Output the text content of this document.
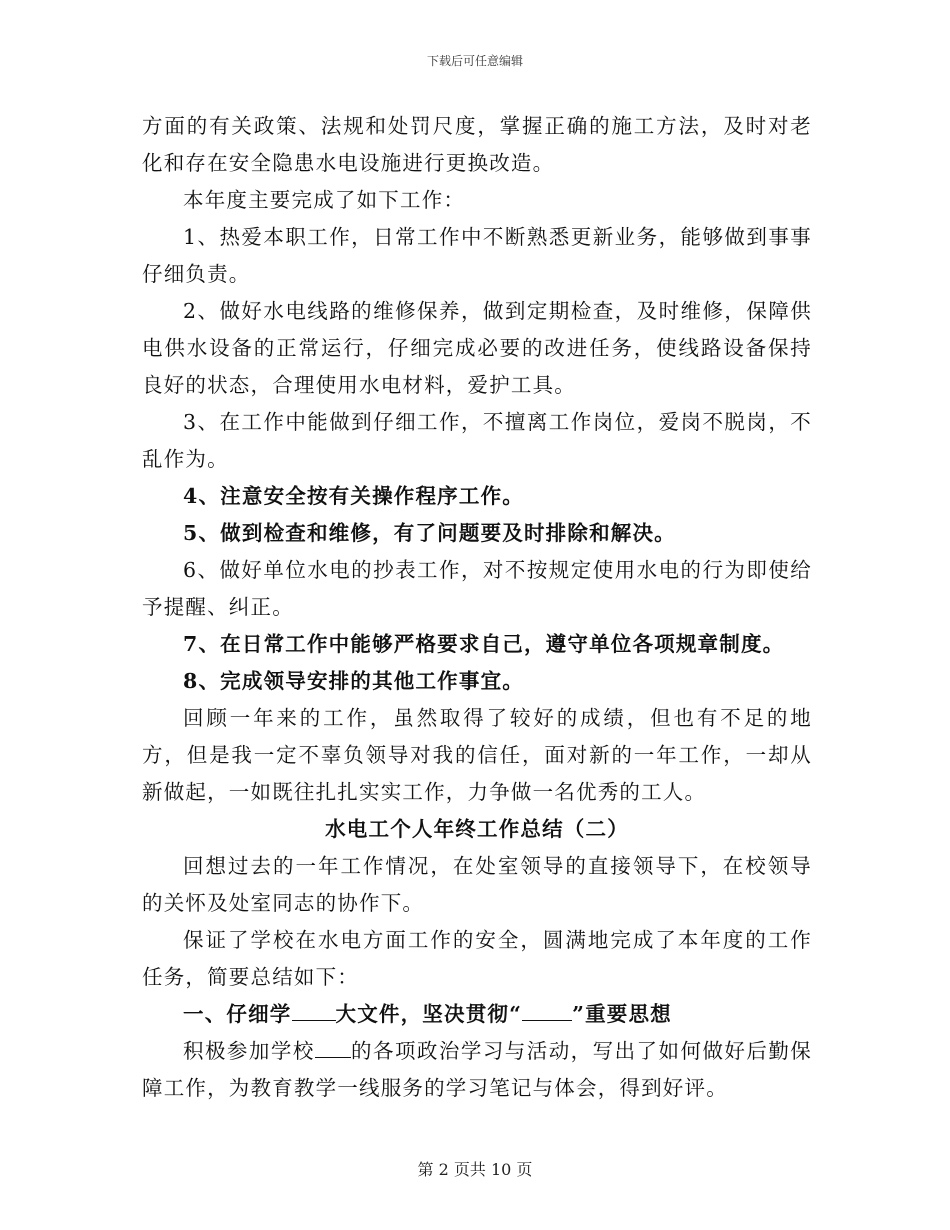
下载后可任意编辑

方面的有关政策、法规和处罚尺度，掌握正确的施工方法，及时对老化和存在安全隐患水电设施进行更换改造。

本年度主要完成了如下工作：

1、热爱本职工作，日常工作中不断熟悉更新业务，能够做到事事仔细负责。

2、做好水电线路的维修保养，做到定期检查，及时维修，保障供电供水设备的正常运行，仔细完成必要的改进任务，使线路设备保持良好的状态，合理使用水电材料，爱护工具。

3、在工作中能做到仔细工作，不擅离工作岗位，爱岗不脱岗，不乱作为。

4、注意安全按有关操作程序工作。

5、做到检查和维修，有了问题要及时排除和解决。

6、做好单位水电的抄表工作，对不按规定使用水电的行为即使给予提醒、纠正。

7、在日常工作中能够严格要求自己，遵守单位各项规章制度。

8、完成领导安排的其他工作事宜。

回顾一年来的工作，虽然取得了较好的成绩，但也有不足的地方，但是我一定不辜负领导对我的信任，面对新的一年工作，一却从新做起，一如既往扎扎实实工作，力争做一名优秀的工人。

水电工个人年终工作总结（二）

回想过去的一年工作情况，在处室领导的直接领导下，在校领导的关怀及处室同志的协作下。

保证了学校在水电方面工作的安全，圆满地完成了本年度的工作任务，简要总结如下：

一、仔细学 大文件，坚决贯彻“ ”重要思想

积极参加学校 的各项政治学习与活动，写出了如何做好后勤保障工作，为教育教学一线服务的学习笔记与体会，得到好评。

第 2 页共 10 页
